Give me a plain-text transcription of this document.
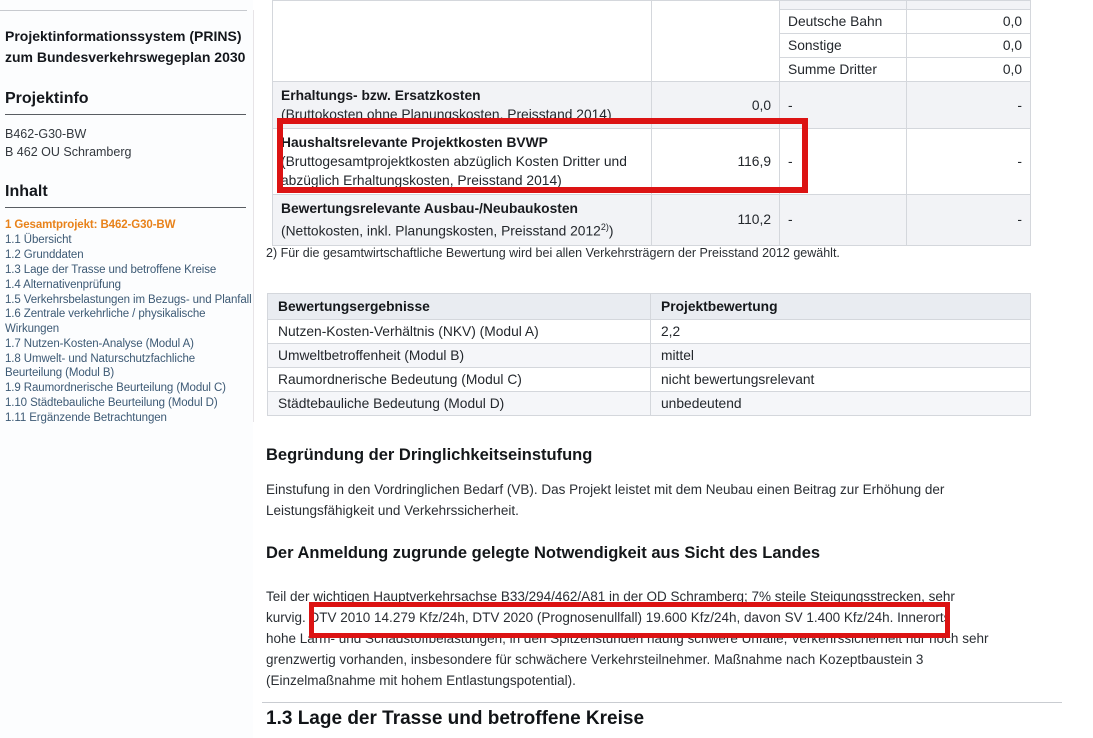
Projektinformationssystem (PRINS) zum Bundesverkehrswegeplan 2030
Projektinfo
B462-G30-BW
B 462 OU Schramberg
Inhalt
1 Gesamtprojekt: B462-G30-BW
1.1 Übersicht
1.2 Grunddaten
1.3 Lage der Trasse und betroffene Kreise
1.4 Alternativenprüfung
1.5 Verkehrsbelastungen im Bezugs- und Planfall
1.6 Zentrale verkehrliche / physikalische Wirkungen
1.7 Nutzen-Kosten-Analyse (Modul A)
1.8 Umwelt- und Naturschutzfachliche Beurteilung (Modul B)
1.9 Raumordnerische Beurteilung (Modul C)
1.10 Städtebauliche Beurteilung (Modul D)
1.11 Ergänzende Betrachtungen

		Deutsche Bahn	0,0
		Sonstige	0,0
		Summe Dritter	0,0

Erhaltungs- bzw. Ersatzkosten
(Bruttokosten ohne Planungskosten, Preisstand 2014)	0,0	-	-

Haushaltsrelevante Projektkosten BVWP
(Bruttogesamtprojektkosten abzüglich Kosten Dritter und abzüglich Erhaltungskosten, Preisstand 2014)	116,9	-	-

Bewertungsrelevante Ausbau-/Neubaukosten
(Nettokosten, inkl. Planungskosten, Preisstand 2012$^{2)}$)	110,2	-	-
2) Für die gesamtwirtschaftliche Bewertung wird bei allen Verkehrsträgern der Preisstand 2012 gewählt.
Bewertungsergebnisse	Projektbewertung
Nutzen-Kosten-Verhältnis (NKV) (Modul A)	2,2
Umweltbetroffenheit (Modul B)	mittel
Raumordnerische Bedeutung (Modul C)	nicht bewertungsrelevant
Städtebauliche Bedeutung (Modul D)	unbedeutend
Begründung der Dringlichkeitseinstufung
Einstufung in den Vordringlichen Bedarf (VB). Das Projekt leistet mit dem Neubau einen Beitrag zur Erhöhung der
Leistungsfähigkeit und Verkehrssicherheit.
Der Anmeldung zugrunde gelegte Notwendigkeit aus Sicht des Landes
Teil der wichtigen Hauptverkehrsachse B33/294/462/A81 in der OD Schramberg; 7% steile Steigungsstrecken, sehr
kurvig. DTV 2010 14.279 Kfz/24h, DTV 2020 (Prognosenullfall) 19.600 Kfz/24h, davon SV 1.400 Kfz/24h. Innerorts
hohe Lärm- und Schadstoffbelastungen; in den Spitzenstunden häufig schwere Unfälle; Verkehrssicherheit nur noch sehr
grenzwertig vorhanden, insbesondere für schwächere Verkehrsteilnehmer. Maßnahme nach Kozeptbaustein 3
(Einzelmaßnahme mit hohem Entlastungspotential).
1.3 Lage der Trasse und betroffene Kreise
